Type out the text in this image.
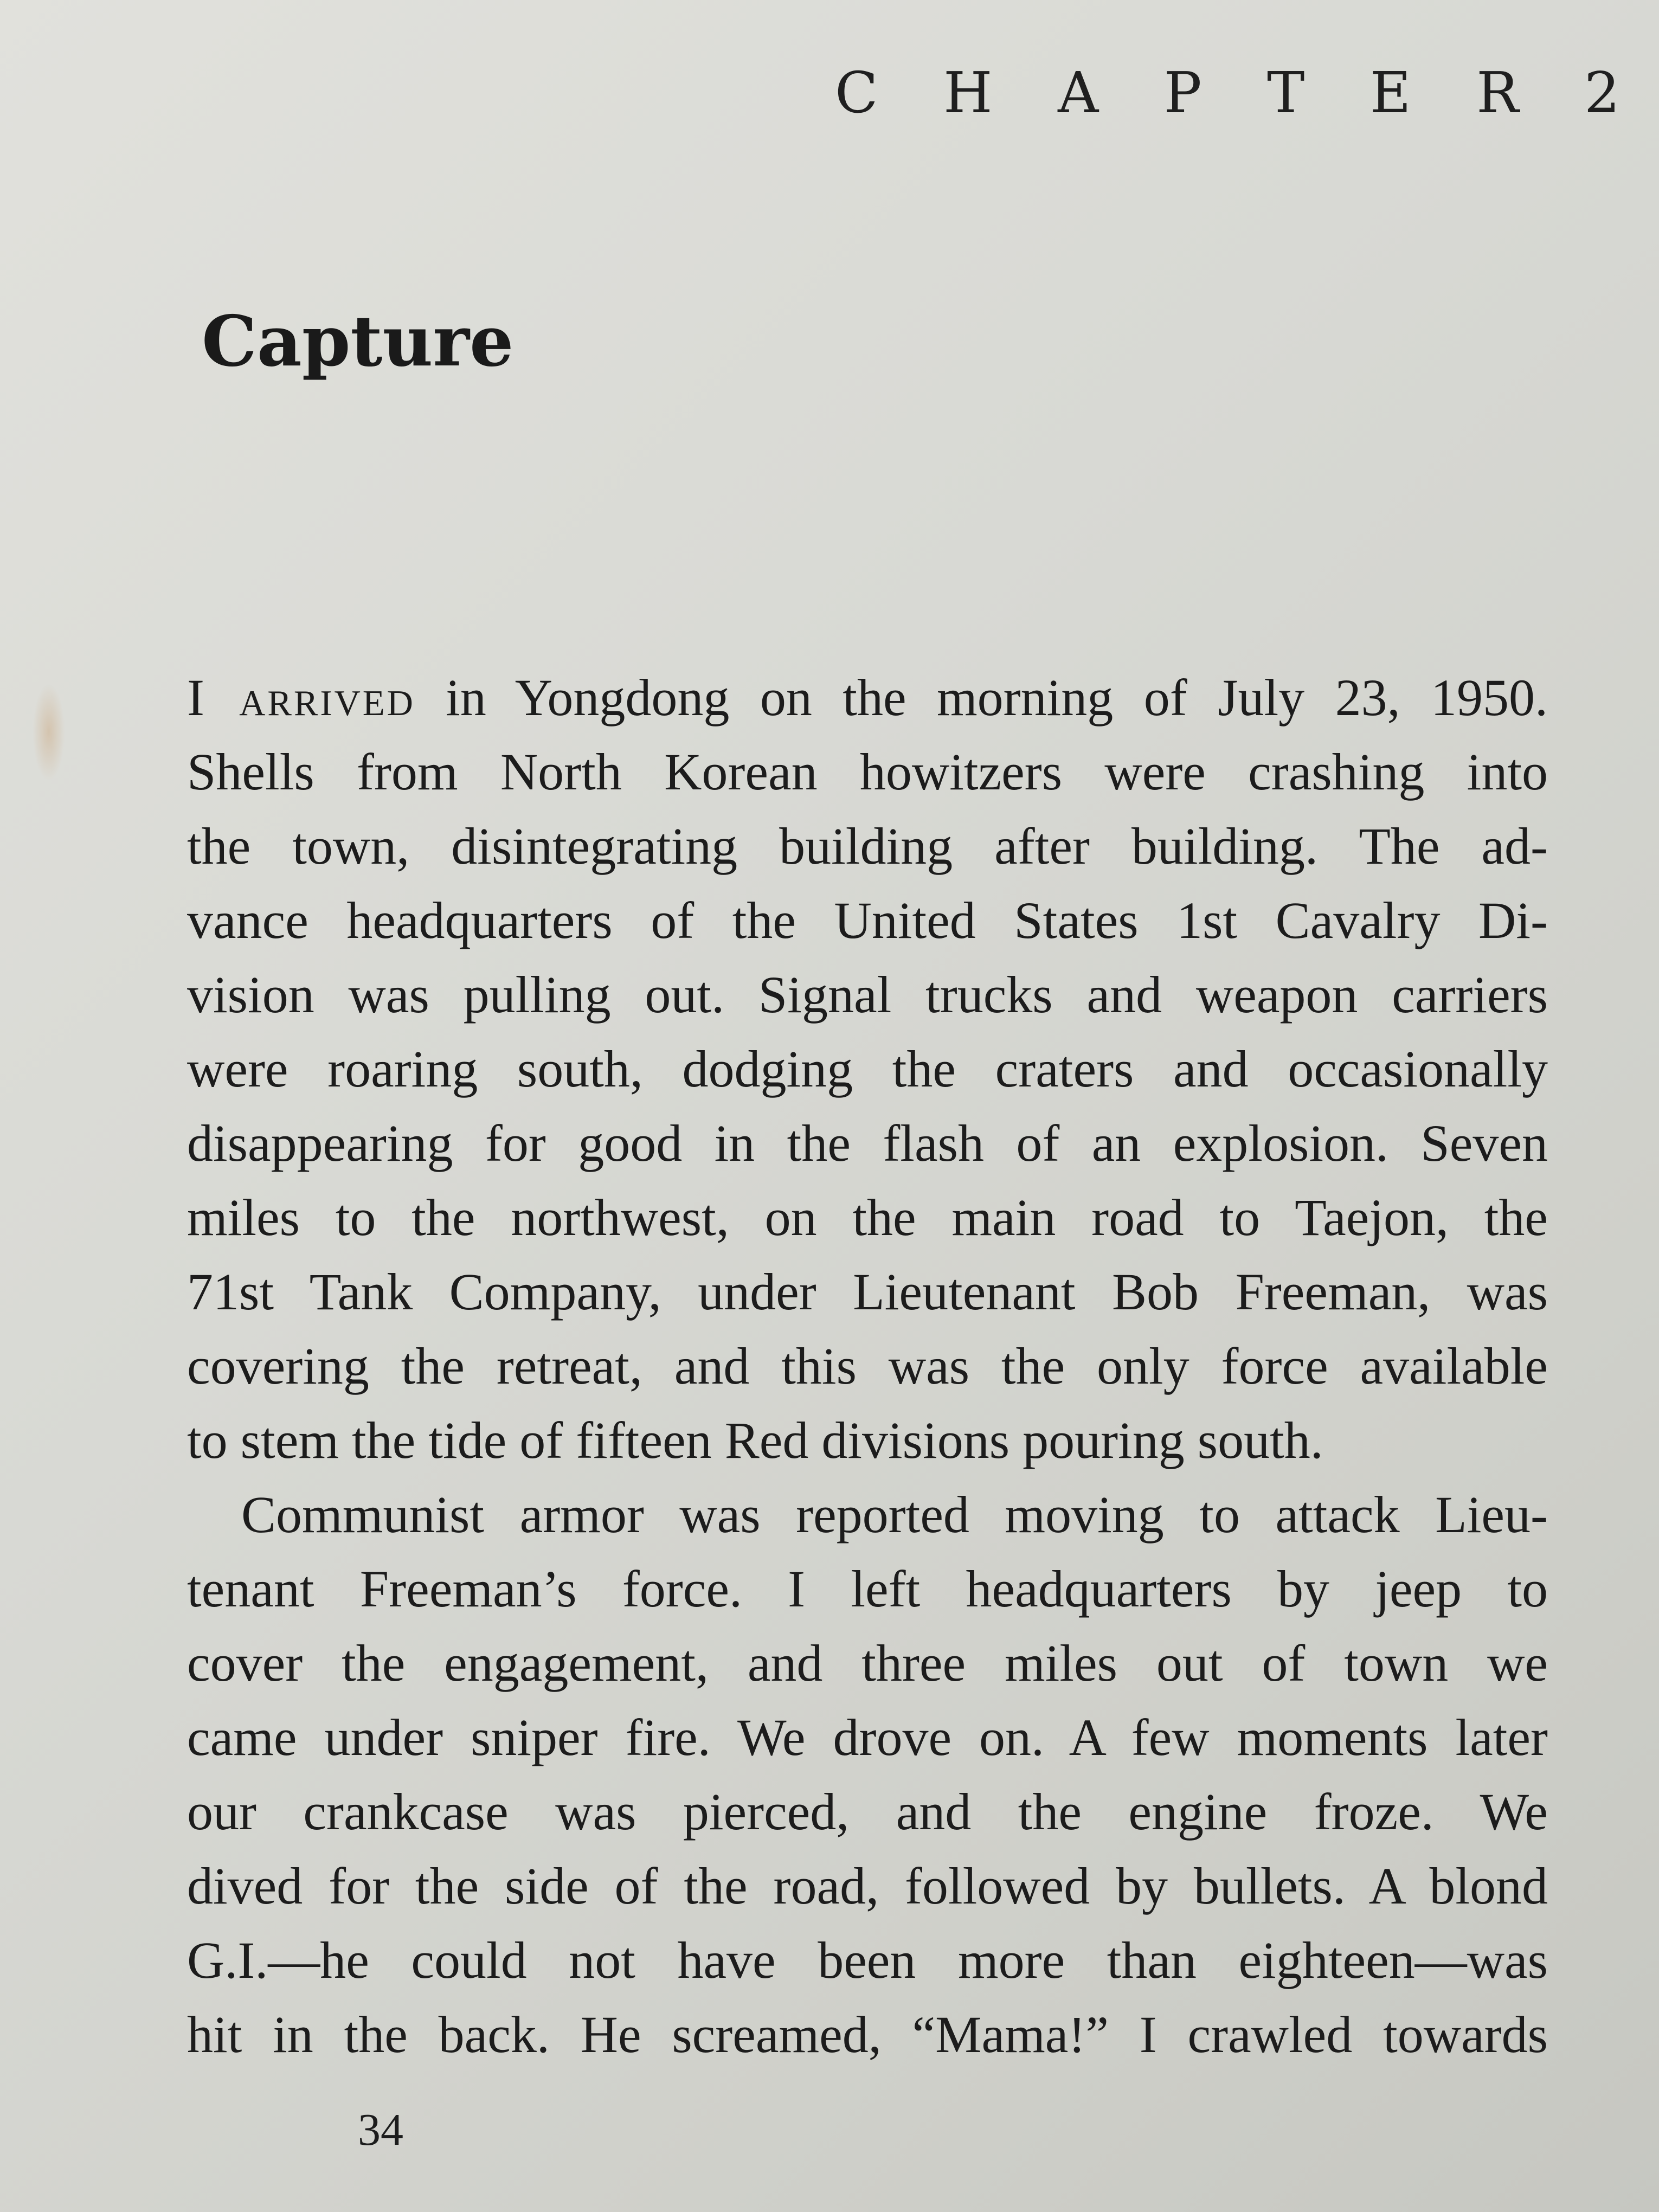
C H A P T E R 2
Capture
I arrived in Yongdong on the morning of July 23, 1950.
Shells from North Korean howitzers were crashing into
the town, disintegrating building after building. The ad-
vance headquarters of the United States 1st Cavalry Di-
vision was pulling out. Signal trucks and weapon carriers
were roaring south, dodging the craters and occasionally
disappearing for good in the flash of an explosion. Seven
miles to the northwest, on the main road to Taejon, the
71st Tank Company, under Lieutenant Bob Freeman, was
covering the retreat, and this was the only force available
to stem the tide of fifteen Red divisions pouring south.
Communist armor was reported moving to attack Lieu-
tenant Freeman’s force. I left headquarters by jeep to
cover the engagement, and three miles out of town we
came under sniper fire. We drove on. A few moments later
our crankcase was pierced, and the engine froze. We
dived for the side of the road, followed by bullets. A blond
G.I.—he could not have been more than eighteen—was
hit in the back. He screamed, “Mama!” I crawled towards
34
